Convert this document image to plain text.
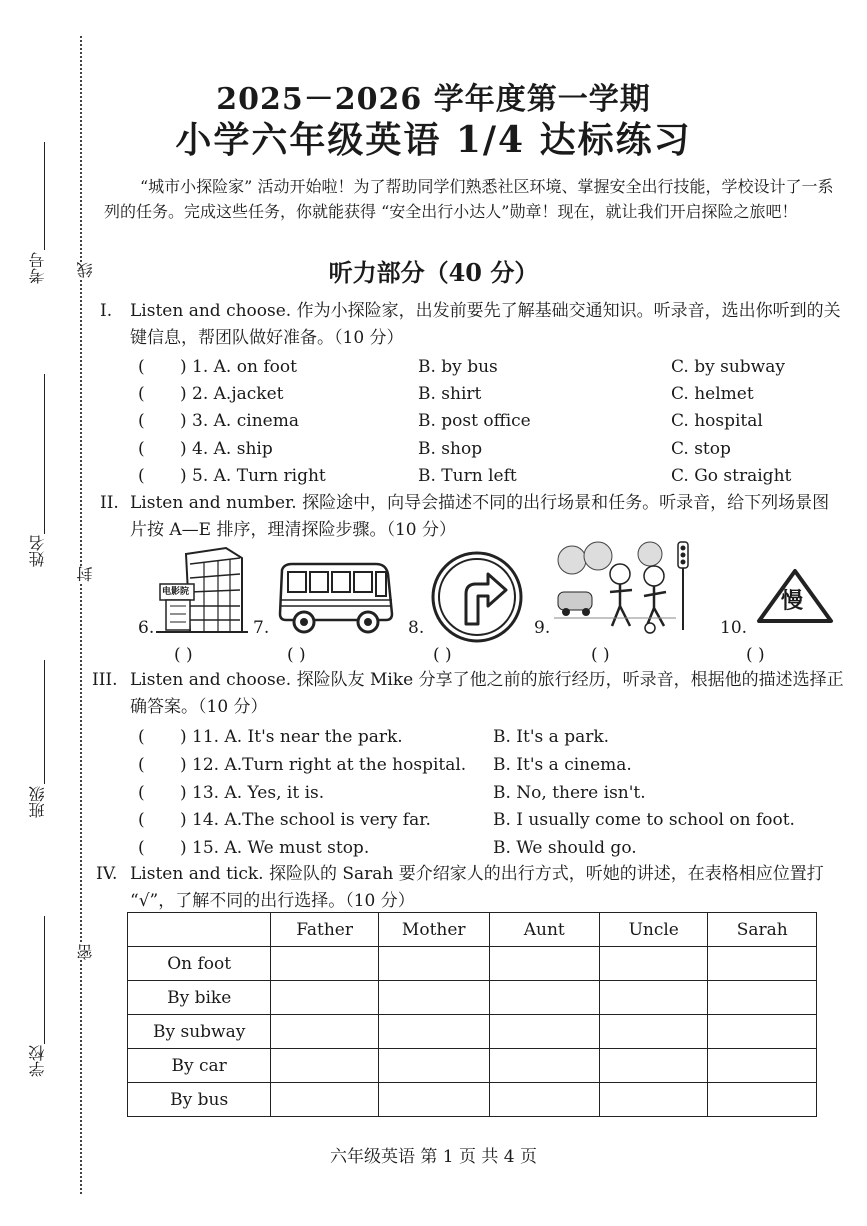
考号
姓名
班级
学校
线
封
密
2025－2026 学年度第一学期
小学六年级英语 1/4 达标练习
“城市小探险家” 活动开始啦！为了帮助同学们熟悉社区环境、掌握安全出行技能，学校设计了一系列的任务。完成这些任务，你就能获得 “安全出行小达人”勋章！现在，就让我们开启探险之旅吧！
听力部分（40 分）
I. Listen and choose. 作为小探险家，出发前要先了解基础交通知识。听录音，选出你听到的关键信息，帮团队做好准备。（10 分）
( ) 1. A. on foot	B. by bus	C. by subway
( ) 2. A.jacket	B. shirt	C. helmet
( ) 3. A. cinema	B. post office	C. hospital
( ) 4. A. ship	B. shop	C. stop
( ) 5. A. Turn right	B. Turn left	C. Go straight
II. Listen and number. 探险途中，向导会描述不同的出行场景和任务。听录音，给下列场景图片按 A—E 排序，理清探险步骤。（10 分）
6.
电影院
( )
7.
( )
8.
( )
9.
( )
10.
慢
( )
III. Listen and choose. 探险队友 Mike 分享了他之前的旅行经历，听录音，根据他的描述选择正确答案。（10 分）
( ) 11. A. It's near the park.	B. It's a park.
( ) 12. A.Turn right at the hospital. B. It's a cinema.
( ) 13. A. Yes, it is.	B. No, there isn't.
( ) 14. A.The school is very far.	B. I usually come to school on foot.
( ) 15. A. We must stop.	B. We should go.
IV. Listen and tick. 探险队的 Sarah 要介绍家人的出行方式，听她的讲述，在表格相应位置打 “√”，了解不同的出行选择。（10 分）
	Father	Mother	Aunt	Uncle	Sarah
On foot					
By bike					
By subway					
By car					
By bus					
六年级英语 第 1 页 共 4 页
